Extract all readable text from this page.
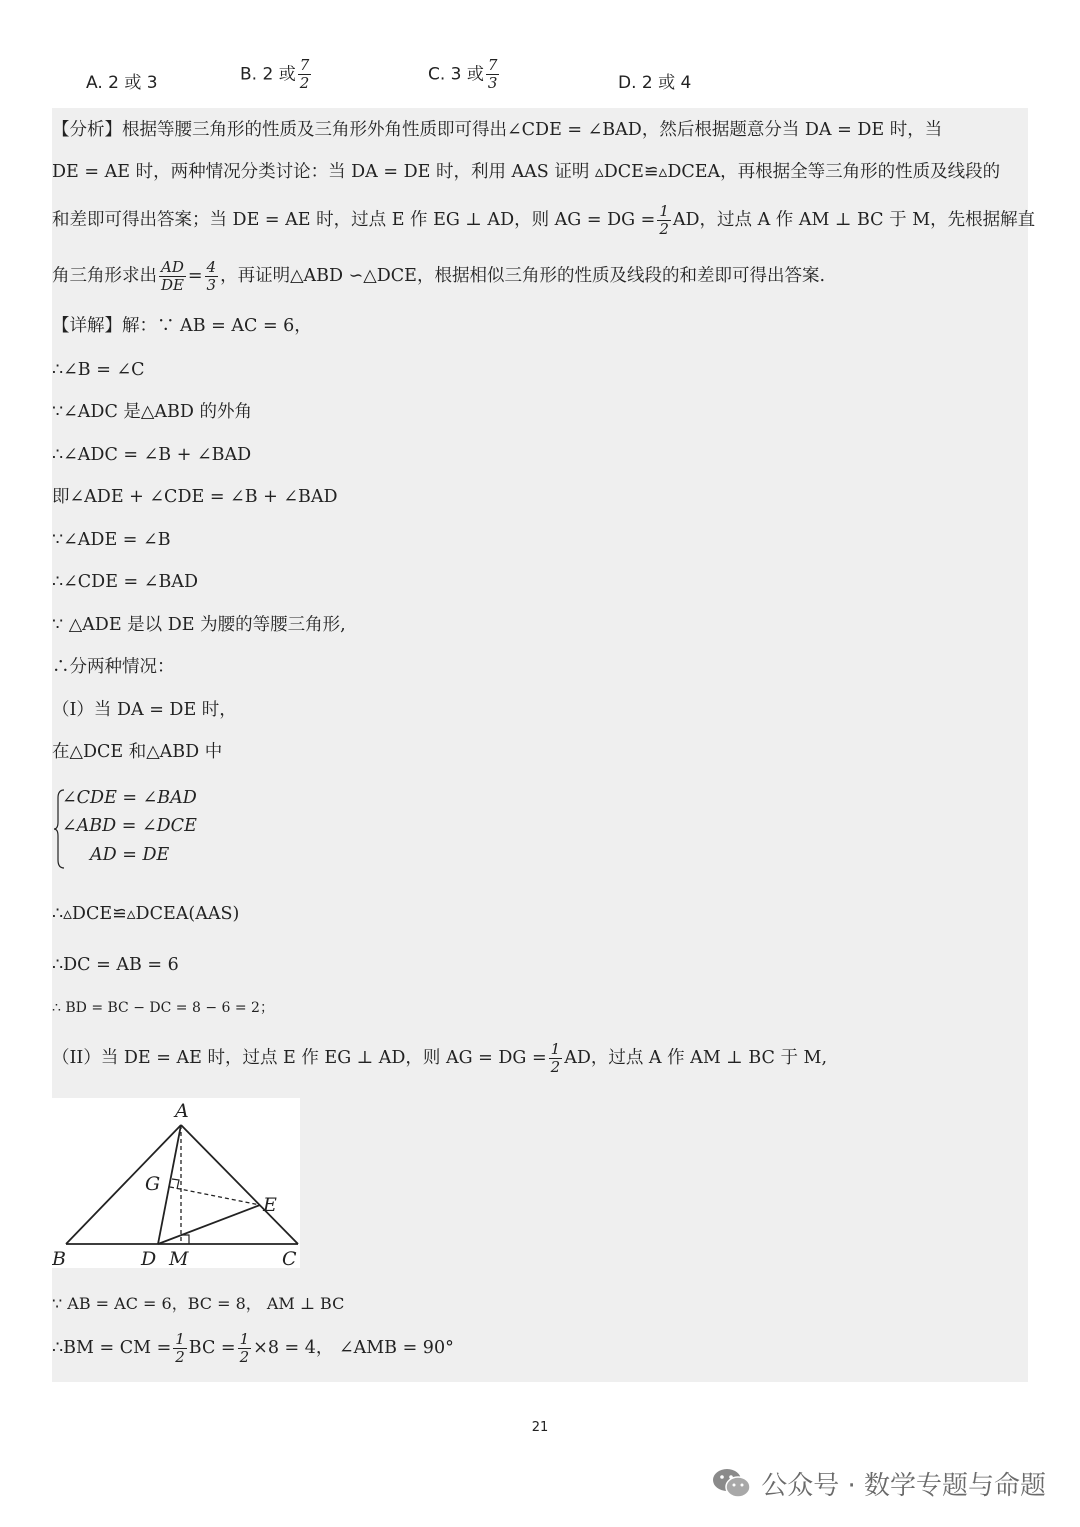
A. 2 或 3	B. 2 或 $\frac{7}{2}$	C. 3 或 $\frac{7}{3}$	D. 2 或 4
【分析】根据等腰三角形的性质及三角形外角性质即可得出∠CDE = ∠BAD，然后根据题意分当 DA = DE 时，当
DE = AE 时，两种情况分类讨论：当 DA = DE 时，利用 AAS 证明 ▵DCE≌▵DCEA，再根据全等三角形的性质及线段的
和差即可得出答案；当 DE = AE 时，过点 E 作 EG ⊥ AD，则 AG = DG = $\frac{1}{2}$ AD，过点 A 作 AM ⊥ BC 于 M，先根据解直
角三角形求出 $\frac{AD}{DE} = \frac{4}{3}$ ，再证明△ABD ∽△DCE，根据相似三角形的性质及线段的和差即可得出答案.
【详解】解：∵ AB = AC = 6，
∴∠B = ∠C
∵∠ADC 是△ABD 的外角
∴∠ADC = ∠B + ∠BAD
即∠ADE + ∠CDE = ∠B + ∠BAD
∵∠ADE = ∠B
∴∠CDE = ∠BAD
∵ △ADE 是以 DE 为腰的等腰三角形,
∴分两种情况：
（I）当 DA = DE 时，
在△DCE 和△ABD 中
∠CDE = ∠BAD
∠ABD = ∠DCE
AD = DE
∴▵DCE≌▵DCEA(AAS)
∴DC = AB = 6
∴ BD = BC − DC = 8 − 6 = 2；
（II）当 DE = AE 时，过点 E 作 EG ⊥ AD，则 AG = DG = $\frac{1}{2}$ AD，过点 A 作 AM ⊥ BC 于 M,
A
B	D M	C
E
G
∵ AB = AC = 6，BC = 8， AM ⊥ BC
∴BM = CM = $\frac{1}{2}$ BC = $\frac{1}{2} \times 8 = 4$， ∠AMB = 90°
21
公众号 · 数学专题与命题
